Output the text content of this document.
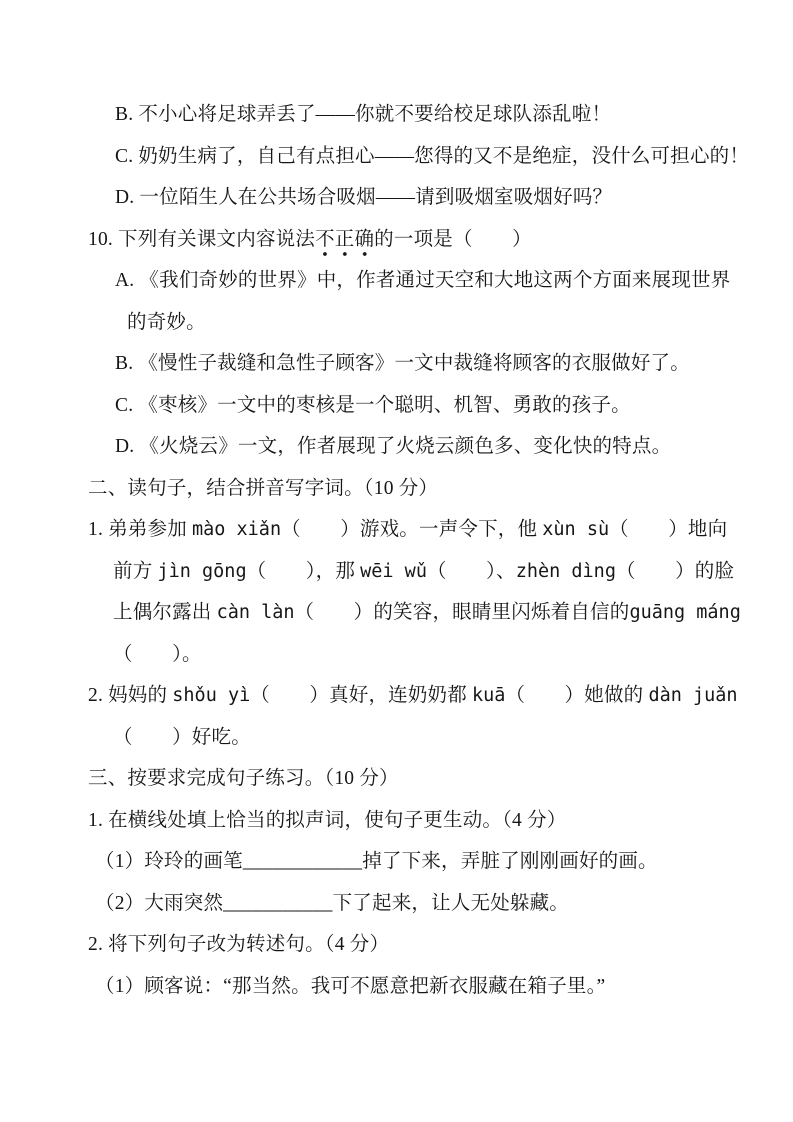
B. 不小心将足球弄丢了——你就不要给校足球队添乱啦！
C. 奶奶生病了，自己有点担心——您得的又不是绝症，没什么可担心的！
D. 一位陌生人在公共场合吸烟——请到吸烟室吸烟好吗？
10. 下列有关课文内容说法不正确的一项是（　　）
A. 《我们奇妙的世界》中，作者通过天空和大地这两个方面来展现世界
的奇妙。
B. 《慢性子裁缝和急性子顾客》一文中裁缝将顾客的衣服做好了。
C. 《枣核》一文中的枣核是一个聪明、机智、勇敢的孩子。
D. 《火烧云》一文，作者展现了火烧云颜色多、变化快的特点。
二、读句子，结合拼音写字词。（10 分）
1. 弟弟参加 mào xiǎn（　　）游戏。一声令下，他 xùn sù（　　）地向
前方 jìn gōng（　　），那 wēi wǔ（　　）、zhèn dìng（　　）的脸
上偶尔露出 càn làn（　　）的笑容，眼睛里闪烁着自信的guāng máng
（　　）。
2. 妈妈的 shǒu yì（　　）真好，连奶奶都 kuā（　　）她做的 dàn juǎn
（　　）好吃。
三、按要求完成句子练习。（10 分）
1. 在横线处填上恰当的拟声词，使句子更生动。（4 分）
（1）玲玲的画笔____________掉了下来，弄脏了刚刚画好的画。
（2）大雨突然___________下了起来，让人无处躲藏。
2. 将下列句子改为转述句。（4 分）
（1）顾客说：“那当然。我可不愿意把新衣服藏在箱子里。”
